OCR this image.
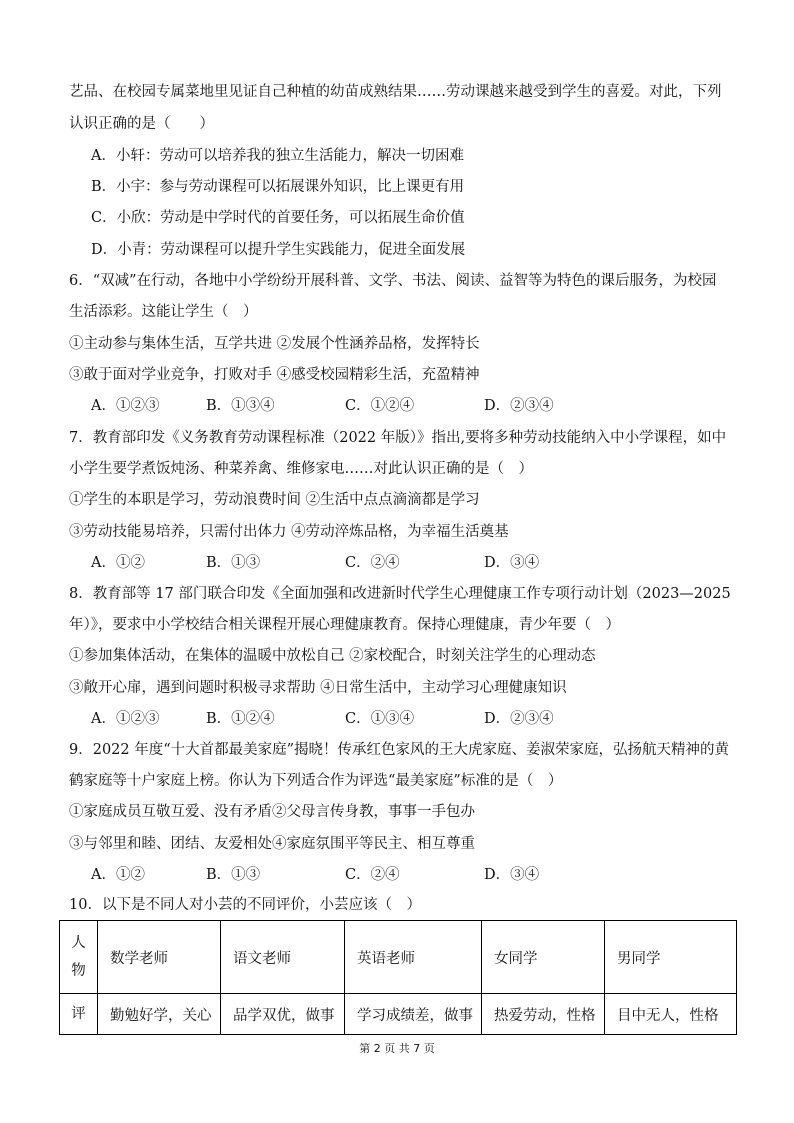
艺品、在校园专属菜地里见证自己种植的幼苗成熟结果……劳动课越来越受到学生的喜爱。对此，下列
认识正确的是（　　）
A．小轩：劳动可以培养我的独立生活能力，解决一切困难
B．小宇：参与劳动课程可以拓展课外知识，比上课更有用
C．小欣：劳动是中学时代的首要任务，可以拓展生命价值
D．小青：劳动课程可以提升学生实践能力，促进全面发展
6．“双减”在行动，各地中小学纷纷开展科普、文学、书法、阅读、益智等为特色的课后服务，为校园
生活添彩。这能让学生（　）
①主动参与集体生活，互学共进 ②发展个性涵养品格，发挥特长
③敢于面对学业竞争，打败对手 ④感受校园精彩生活，充盈精神
A．①②③	B．①③④	C．①②④	D．②③④
7．教育部印发《义务教育劳动课程标准（2022 年版）》指出,要将多种劳动技能纳入中小学课程，如中
小学生要学煮饭炖汤、种菜养禽、维修家电……对此认识正确的是（　）
①学生的本职是学习，劳动浪费时间 ②生活中点点滴滴都是学习
③劳动技能易培养，只需付出体力 ④劳动淬炼品格，为幸福生活奠基
A．①②	B．①③	C．②④	D．③④
8．教育部等 17 部门联合印发《全面加强和改进新时代学生心理健康工作专项行动计划（2023—2025
年）》，要求中小学校结合相关课程开展心理健康教育。保持心理健康，青少年要（　）
①参加集体活动，在集体的温暖中放松自己 ②家校配合，时刻关注学生的心理动态
③敞开心扉，遇到问题时积极寻求帮助 ④日常生活中，主动学习心理健康知识
A．①②③	B．①②④	C．①③④	D．②③④
9．2022 年度“十大首都最美家庭”揭晓！传承红色家风的王大虎家庭、姜淑荣家庭，弘扬航天精神的黄
鹤家庭等十户家庭上榜。你认为下列适合作为评选“最美家庭”标准的是（　）
①家庭成员互敬互爱、没有矛盾②父母言传身教，事事一手包办
③与邻里和睦、团结、友爱相处④家庭氛围平等民主、相互尊重
A．①②	B．①③	C．②④	D．③④
10．以下是不同人对小芸的不同评价，小芸应该（　）
人
物	数学老师	语文老师	英语老师	女同学	男同学
评	勤勉好学，关心	品学双优，做事	学习成绩差，做事	热爱劳动，性格	目中无人，性格
第 2 页 共 7 页
